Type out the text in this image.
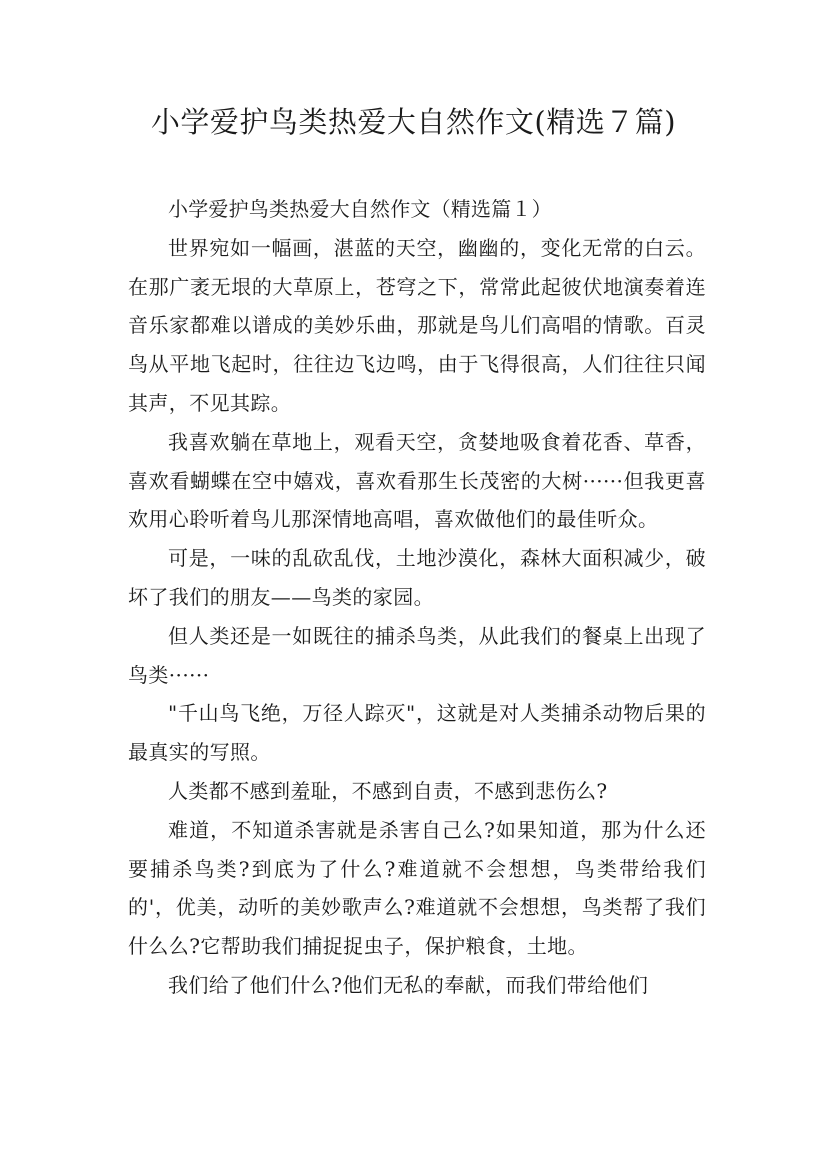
小学爱护鸟类热爱大自然作文(精选７篇)

小学爱护鸟类热爱大自然作文（精选篇１）

世界宛如一幅画，湛蓝的天空，幽幽的，变化无常的白云。在那广袤无垠的大草原上，苍穹之下，常常此起彼伏地演奏着连音乐家都难以谱成的美妙乐曲，那就是鸟儿们高唱的情歌。百灵鸟从平地飞起时，往往边飞边鸣，由于飞得很高，人们往往只闻其声，不见其踪。

我喜欢躺在草地上，观看天空，贪婪地吸食着花香、草香，喜欢看蝴蝶在空中嬉戏，喜欢看那生长茂密的大树······但我更喜欢用心聆听着鸟儿那深情地高唱，喜欢做他们的最佳听众。

可是，一味的乱砍乱伐，土地沙漠化，森林大面积减少，破坏了我们的朋友——鸟类的家园。

但人类还是一如既往的捕杀鸟类，从此我们的餐桌上出现了鸟类······

"千山鸟飞绝，万径人踪灭"，这就是对人类捕杀动物后果的最真实的写照。

人类都不感到羞耻，不感到自责，不感到悲伤么?

难道，不知道杀害就是杀害自己么?如果知道，那为什么还要捕杀鸟类?到底为了什么?难道就不会想想，鸟类带给我们的'，优美，动听的美妙歌声么?难道就不会想想，鸟类帮了我们什么么?它帮助我们捕捉捉虫子，保护粮食，土地。

我们给了他们什么?他们无私的奉献，而我们带给他们
